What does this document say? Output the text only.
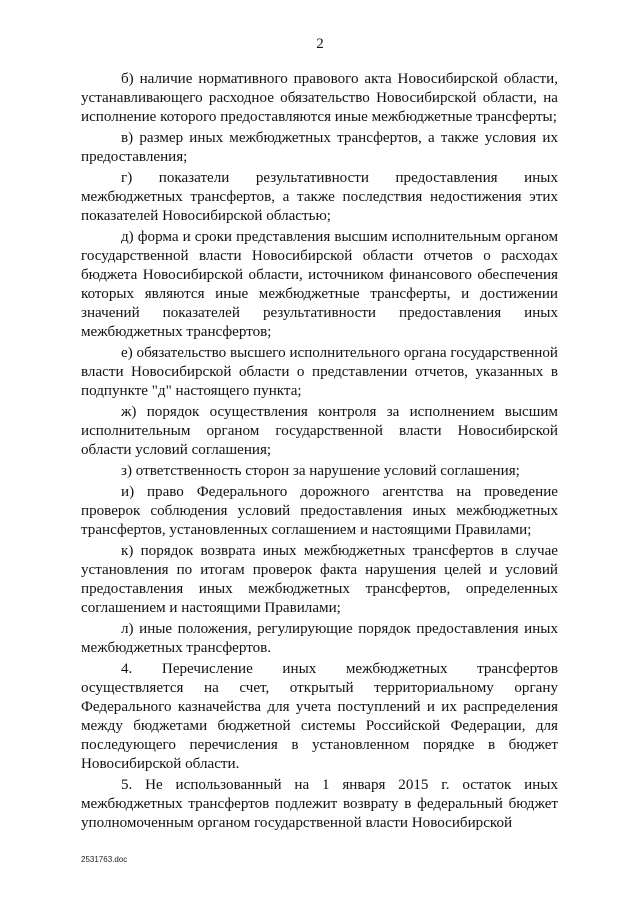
2

б) наличие нормативного правового акта Новосибирской области, устанавливающего расходное обязательство Новосибирской области, на исполнение которого предоставляются иные межбюджетные трансферты;

в) размер иных межбюджетных трансфертов, а также условия их предоставления;

г) показатели результативности предоставления иных межбюджетных трансфертов, а также последствия недостижения этих показателей Новосибирской областью;

д) форма и сроки представления высшим исполнительным органом государственной власти Новосибирской области отчетов о расходах бюджета Новосибирской области, источником финансового обеспечения которых являются иные межбюджетные трансферты, и достижении значений показателей результативности предоставления иных межбюджетных трансфертов;

е) обязательство высшего исполнительного органа государственной власти Новосибирской области о представлении отчетов, указанных в подпункте "д" настоящего пункта;

ж) порядок осуществления контроля за исполнением высшим исполнительным органом государственной власти Новосибирской области условий соглашения;

з) ответственность сторон за нарушение условий соглашения;

и) право Федерального дорожного агентства на проведение проверок соблюдения условий предоставления иных межбюджетных трансфертов, установленных соглашением и настоящими Правилами;

к) порядок возврата иных межбюджетных трансфертов в случае установления по итогам проверок факта нарушения целей и условий предоставления иных межбюджетных трансфертов, определенных соглашением и настоящими Правилами;

л) иные положения, регулирующие порядок предоставления иных межбюджетных трансфертов.

4. Перечисление иных межбюджетных трансфертов осуществляется на счет, открытый территориальному органу Федерального казначейства для учета поступлений и их распределения между бюджетами бюджетной системы Российской Федерации, для последующего перечисления в установленном порядке в бюджет Новосибирской области.

5. Не использованный на 1 января 2015 г. остаток иных межбюджетных трансфертов подлежит возврату в федеральный бюджет уполномоченным органом государственной власти Новосибирской

2531763.doc
